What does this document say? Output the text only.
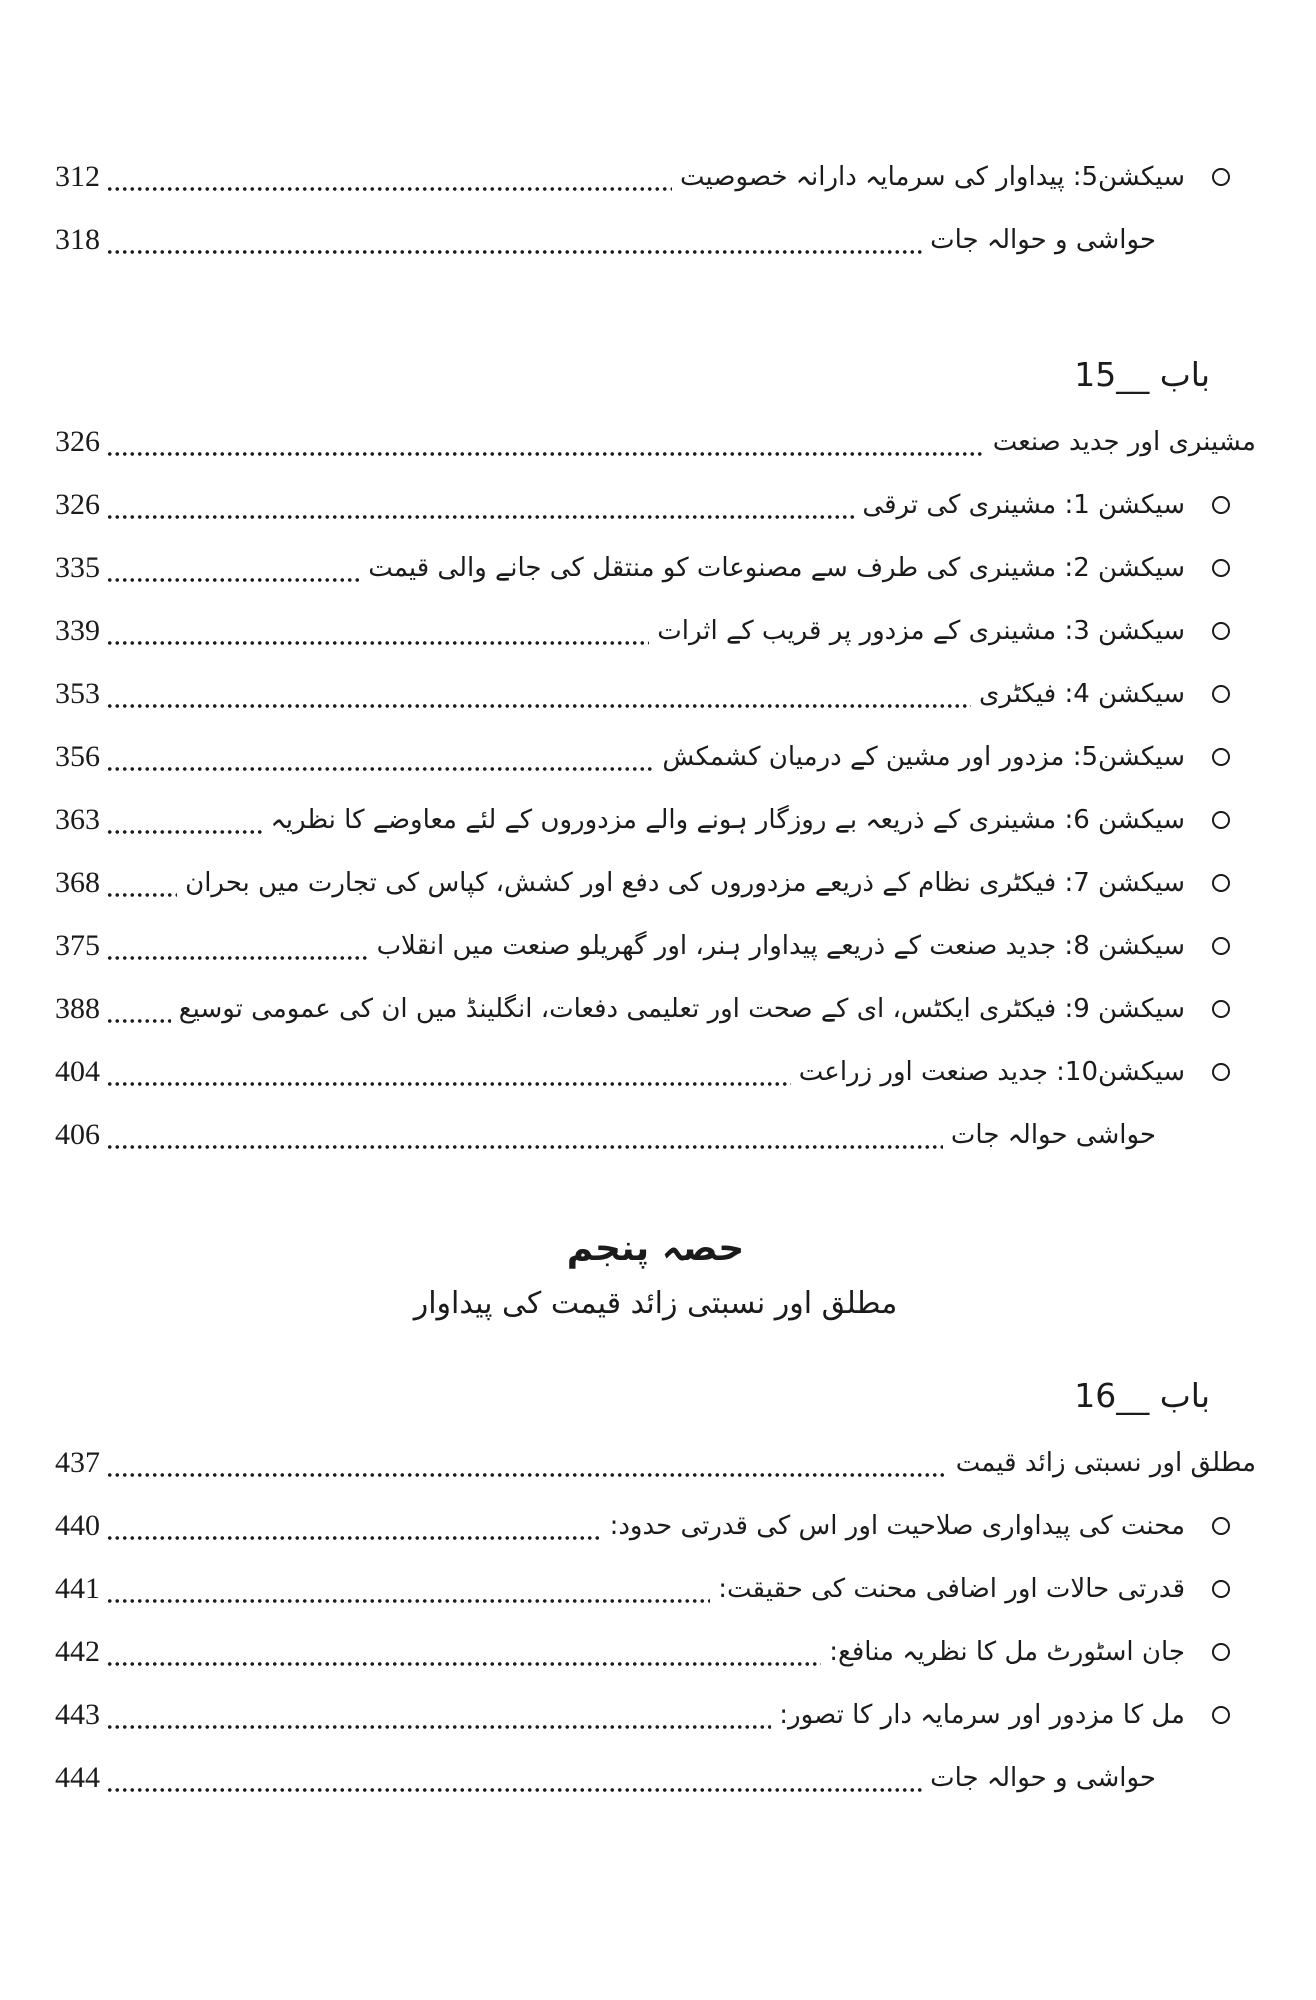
سیکشن5: پیداوار کی سرمایہ دارانہ خصوصیت
312
حواشی و حوالہ جات
318
باب __15
مشینری اور جدید صنعت
326
سیکشن 1: مشینری کی ترقی
326
سیکشن 2: مشینری کی طرف سے مصنوعات کو منتقل کی جانے والی قیمت
335
سیکشن 3: مشینری کے مزدور پر قریب کے اثرات
339
سیکشن 4: فیکٹری
353
سیکشن5: مزدور اور مشین کے درمیان کشمکش
356
سیکشن 6: مشینری کے ذریعہ بے روزگار ہونے والے مزدوروں کے لئے معاوضے کا نظریہ
363
سیکشن 7: فیکٹری نظام کے ذریعے مزدوروں کی دفع اور کشش، کپاس کی تجارت میں بحران
368
سیکشن 8: جدید صنعت کے ذریعے پیداوار ہنر، اور گھریلو صنعت میں انقلاب
375
سیکشن 9: فیکٹری ایکٹس، ای کے صحت اور تعلیمی دفعات، انگلینڈ میں ان کی عمومی توسیع
388
سیکشن10: جدید صنعت اور زراعت
404
حواشی حوالہ جات
406
حصہ پنجم
مطلق اور نسبتی زائد قیمت کی پیداوار
باب __16
مطلق اور نسبتی زائد قیمت
437
محنت کی پیداواری صلاحیت اور اس کی قدرتی حدود:
440
قدرتی حالات اور اضافی محنت کی حقیقت:
441
جان اسٹورٹ مل کا نظریہ منافع:
442
مل کا مزدور اور سرمایہ دار کا تصور:
443
حواشی و حوالہ جات
444
